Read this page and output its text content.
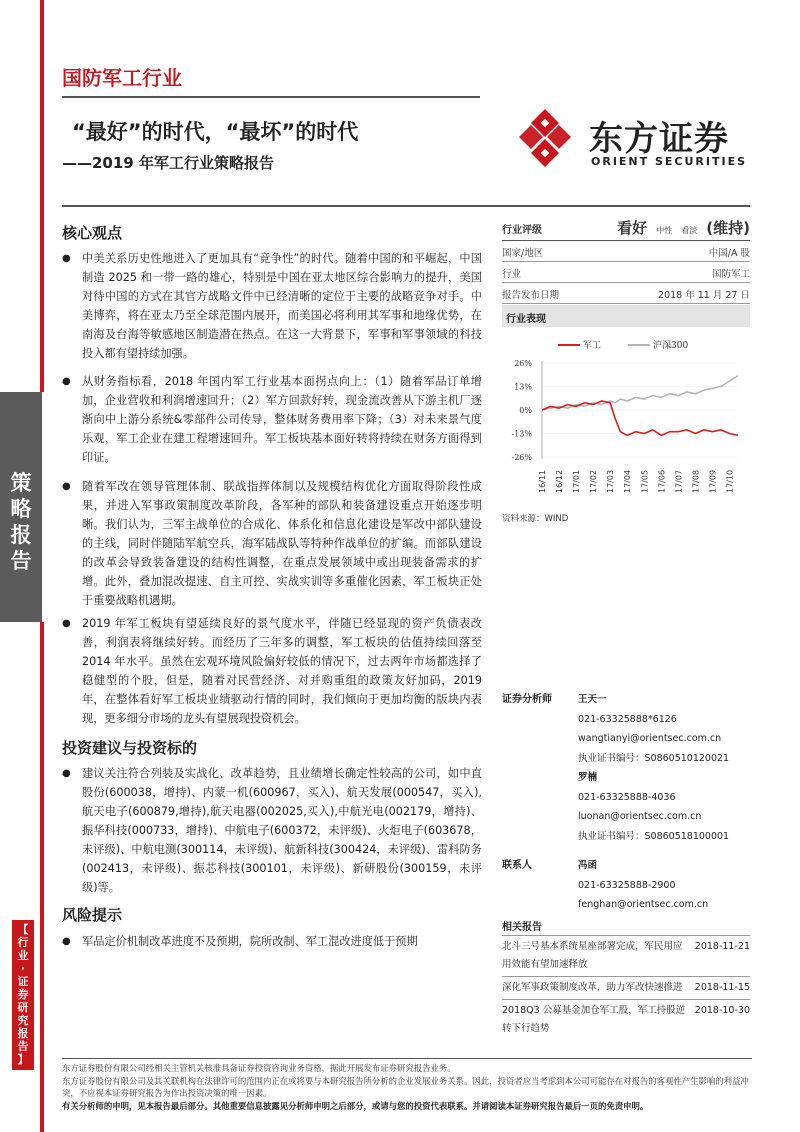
策
略
报
告
【
行
业
·
证
券
研
究
报
告
】
国防军工行业
“最好”的时代，“最坏”的时代
——2019 年军工行业策略报告
东方证券
ORIENT SECURITIES
核心观点
●	中美关系历史性地进入了更加具有“竞争性”的时代。随着中国的和平崛起，中国制造 2025 和一带一路的雄心，特别是中国在亚太地区综合影响力的提升，美国对待中国的方式在其官方战略文件中已经清晰的定位于主要的战略竞争对手。中美博弈，将在亚太乃至全球范围内展开，而美国必将利用其军事和地缘优势，在南海及台海等敏感地区制造潜在热点。在这一大背景下，军事和军事领域的科技投入都有望持续加强。
●	从财务指标看，2018 年国内军工行业基本面拐点向上：（1）随着军品订单增加，企业营收和利润增速回升；（2）军方回款好转，现金流改善从下游主机厂逐渐向中上游分系统&零部件公司传导，整体财务费用率下降；（3）对未来景气度乐观，军工企业在建工程增速回升。军工板块基本面好转将持续在财务方面得到印证。
●	随着军改在领导管理体制、联战指挥体制以及规模结构优化方面取得阶段性成果，并进入军事政策制度改革阶段，各军种的部队和装备建设重点开始逐步明晰。我们认为，三军主战单位的合成化、体系化和信息化建设是军改中部队建设的主线，同时伴随陆军航空兵，海军陆战队等特种作战单位的扩编。而部队建设的改革会导致装备建设的结构性调整，在重点发展领域中或出现装备需求的扩增。此外，叠加混改提速、自主可控、实战实训等多重催化因素，军工板块正处于重要战略机遇期。
●	2019 年军工板块有望延续良好的景气度水平，伴随已经显现的资产负债表改善，利润表将继续好转。而经历了三年多的调整，军工板块的估值持续回落至 2014 年水平。虽然在宏观环境风险偏好较低的情况下，过去两年市场都选择了稳健型的个股，但是，随着对民营经济、对并购重组的政策友好加码，2019 年，在整体看好军工板块业绩驱动行情的同时，我们倾向于更加均衡的版块内表现，更多细分市场的龙头有望展现投资机会。
投资建议与投资标的
●	建议关注符合列装及实战化、改革趋势，且业绩增长确定性较高的公司，如中直股份(600038，增持)、内蒙一机(600967，买入)、航天发展(000547，买入),航天电子(600879,增持),航天电器(002025,买入),中航光电(002179，增持)、振华科技(000733，增持)、中航电子(600372，未评级)、火炬电子(603678，未评级)、中航电测(300114，未评级)、航新科技(300424，未评级)、雷科防务(002413，未评级)、振芯科技(300101，未评级)、新研股份(300159，未评级)等。
风险提示
●	军品定价机制改革进度不及预期，院所改制、军工混改进度低于预期
行业评级	看好 中性 看淡 (维持)
国家/地区	中国/A 股
行业	国防军工
报告发布日期	2018 年 11 月 27 日
行业表现
军工	沪深300
26%
13%
0%
-13%
-26%
16/11 16/12 17/01 17/02 17/03 17/04 17/05 17/06 17/07 17/08 17/09 17/10
资料来源：WIND
证券分析师	王天一
021-63325888*6126
wangtianyi@orientsec.com.cn
执业证书编号：S0860510120021
罗楠
021-63325888-4036
luonan@orientsec.com.cn
执业证书编号：S0860518100001
联系人	冯函
021-63325888-2900
fenghan@orientsec.com.cn
相关报告
北斗三号基本系统星座部署完成，军民用应用效能有望加速释放
2018-11-21
深化军事政策制度改革，助力军改快速推进	2018-11-15
2018Q3 公募基金加仓军工股，军工持股逆转下行趋势
2018-10-30
东方证券股份有限公司经相关主管机关核准具备证券投资咨询业务资格，据此开展发布证券研究报告业务。
东方证券股份有限公司及其关联机构在法律许可的范围内正在或将要与本研究报告所分析的企业发展业务关系。因此，投资者应当考虑到本公司可能存在对报告的客观性产生影响的利益冲突，不应视本证券研究报告为作出投资决策的唯一因素。
有关分析师的申明，见本报告最后部分。其他重要信息披露见分析师申明之后部分，或请与您的投资代表联系。并请阅读本证券研究报告最后一页的免责申明。
